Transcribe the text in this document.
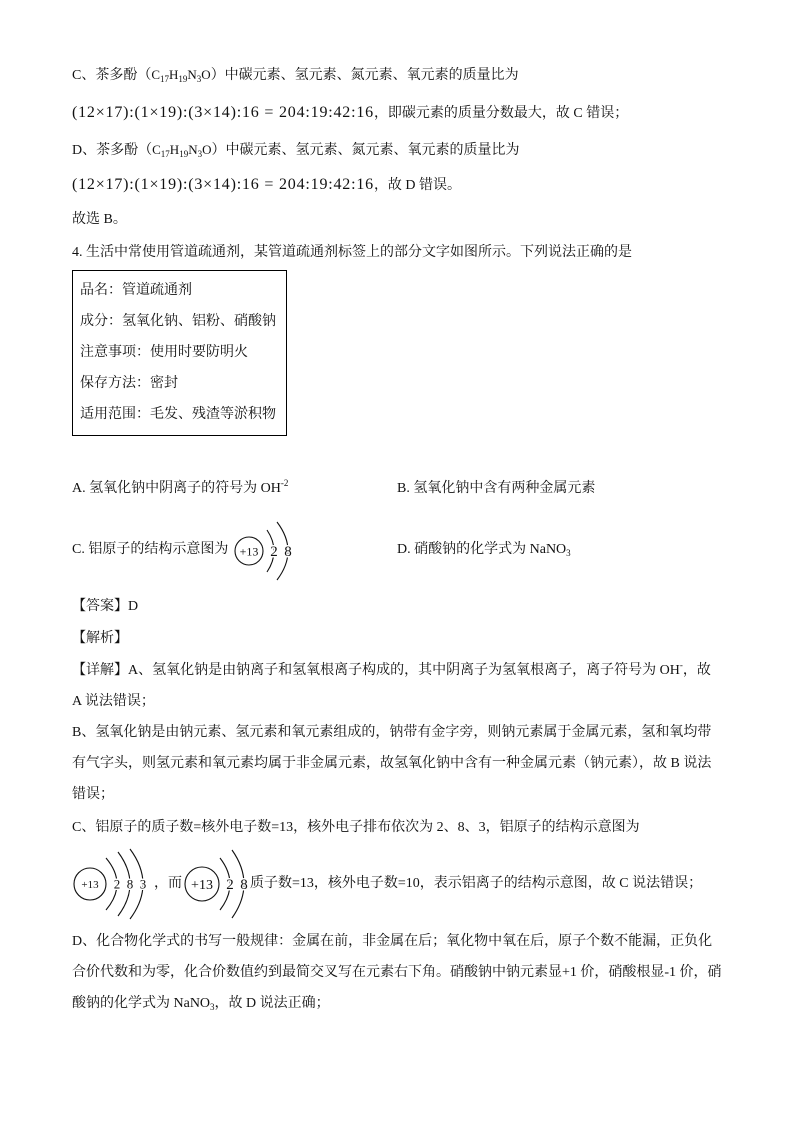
C、茶多酚$(C_{17}H_{19}N_3O)$中碳元素、氢元素、氮元素、氧元素的质量比为
(12×17):(1×19):(3×14):16 = 204:19:42:16，即碳元素的质量分数最大，故 C 错误；
D、茶多酚$(C_{17}H_{19}N_3O)$中碳元素、氢元素、氮元素、氧元素的质量比为
(12×17):(1×19):(3×14):16 = 204:19:42:16，故 D 错误。
故选 B。
4. 生活中常使用管道疏通剂，某管道疏通剂标签上的部分文字如图所示。下列说法正确的是
品名：管道疏通剂
成分：氢氧化钠、铝粉、硝酸钠
注意事项：使用时要防明火
保存方法：密封
适用范围：毛发、残渣等淤积物
A. 氢氧化钠中阴离子的符号为 $OH^{-2}$	B. 氢氧化钠中含有两种金属元素
C. 铝原子的结构示意图为 +13 2 8	D. 硝酸钠的化学式为 NaNO$_3$
【答案】D
【解析】
【详解】A、氢氧化钠是由钠离子和氢氧根离子构成的，其中阴离子为氢氧根离子，离子符号为 OH-，故
A 说法错误；
B、氢氧化钠是由钠元素、氢元素和氧元素组成的，钠带有金字旁，则钠元素属于金属元素，氢和氧均带
有气字头，则氢元素和氧元素均属于非金属元素，故氢氧化钠中含有一种金属元素（钠元素），故 B 说法
错误；
C、铝原子的质子数=核外电子数=13，核外电子排布依次为 2、8、3，铝原子的结构示意图为
+13 2 8 3 ，而 +13 2 8 质子数=13，核外电子数=10，表示铝离子的结构示意图，故 C 说法错误；
D、化合物化学式的书写一般规律：金属在前，非金属在后；氧化物中氧在后，原子个数不能漏，正负化
合价代数和为零，化合价数值约到最简交叉写在元素右下角。硝酸钠中钠元素显+1 价，硝酸根显-1 价，硝
酸钠的化学式为 NaNO$_3$，故 D 说法正确；
